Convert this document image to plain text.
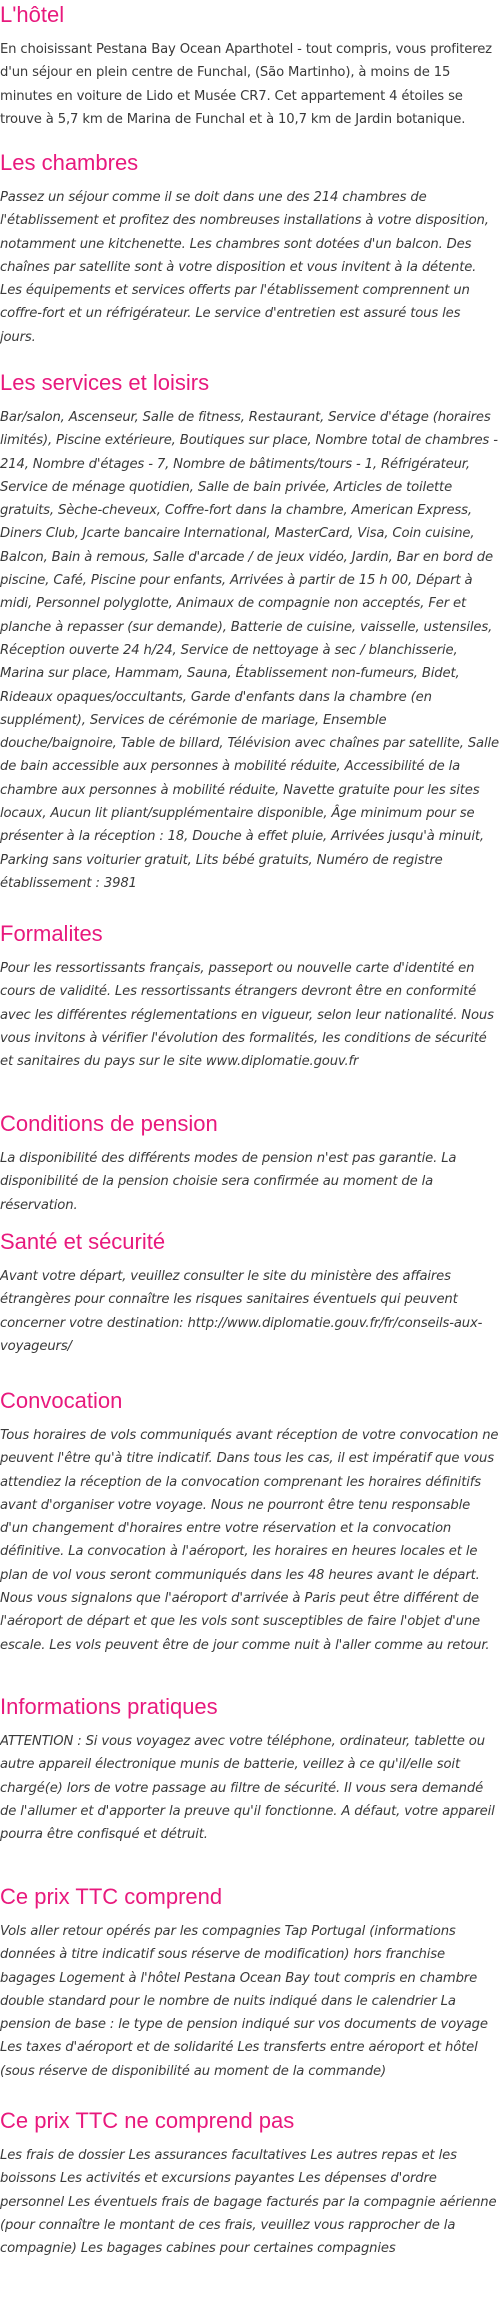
L'hôtel

En choisissant Pestana Bay Ocean Aparthotel - tout compris, vous profiterez d'un séjour en plein centre de Funchal, (São Martinho), à moins de 15 minutes en voiture de Lido et Musée CR7. Cet appartement 4 étoiles se trouve à 5,7 km de Marina de Funchal et à 10,7 km de Jardin botanique.

Les chambres

Passez un séjour comme il se doit dans une des 214 chambres de l'établissement et profitez des nombreuses installations à votre disposition, notamment une kitchenette. Les chambres sont dotées d'un balcon. Des chaînes par satellite sont à votre disposition et vous invitent à la détente. Les équipements et services offerts par l'établissement comprennent un coffre-fort et un réfrigérateur. Le service d'entretien est assuré tous les jours.

Les services et loisirs

Bar/salon, Ascenseur, Salle de fitness, Restaurant, Service d'étage (horaires limités), Piscine extérieure, Boutiques sur place, Nombre total de chambres - 214, Nombre d'étages - 7, Nombre de bâtiments/tours - 1, Réfrigérateur, Service de ménage quotidien, Salle de bain privée, Articles de toilette gratuits, Sèche-cheveux, Coffre-fort dans la chambre, American Express, Diners Club, Jcarte bancaire International, MasterCard, Visa, Coin cuisine, Balcon, Bain à remous, Salle d'arcade / de jeux vidéo, Jardin, Bar en bord de piscine, Café, Piscine pour enfants, Arrivées à partir de 15 h 00, Départ à midi, Personnel polyglotte, Animaux de compagnie non acceptés, Fer et planche à repasser (sur demande), Batterie de cuisine, vaisselle, ustensiles, Réception ouverte 24 h/24, Service de nettoyage à sec / blanchisserie, Marina sur place, Hammam, Sauna, Établissement non-fumeurs, Bidet, Rideaux opaques/occultants, Garde d'enfants dans la chambre (en supplément), Services de cérémonie de mariage, Ensemble douche/baignoire, Table de billard, Télévision avec chaînes par satellite, Salle de bain accessible aux personnes à mobilité réduite, Accessibilité de la chambre aux personnes à mobilité réduite, Navette gratuite pour les sites locaux, Aucun lit pliant/supplémentaire disponible, Âge minimum pour se présenter à la réception : 18, Douche à effet pluie, Arrivées jusqu'à minuit, Parking sans voiturier gratuit, Lits bébé gratuits, Numéro de registre établissement : 3981

Formalites

Pour les ressortissants français, passeport ou nouvelle carte d'identité en cours de validité. Les ressortissants étrangers devront être en conformité avec les différentes réglementations en vigueur, selon leur nationalité. Nous vous invitons à vérifier l'évolution des formalités, les conditions de sécurité et sanitaires du pays sur le site www.diplomatie.gouv.fr

Conditions de pension

La disponibilité des différents modes de pension n'est pas garantie. La disponibilité de la pension choisie sera confirmée au moment de la réservation.

Santé et sécurité

Avant votre départ, veuillez consulter le site du ministère des affaires étrangères pour connaître les risques sanitaires éventuels qui peuvent concerner votre destination: http://www.diplomatie.gouv.fr/fr/conseils-aux-voyageurs/

Convocation

Tous horaires de vols communiqués avant réception de votre convocation ne peuvent l'être qu'à titre indicatif. Dans tous les cas, il est impératif que vous attendiez la réception de la convocation comprenant les horaires définitifs avant d'organiser votre voyage. Nous ne pourront être tenu responsable d'un changement d'horaires entre votre réservation et la convocation définitive. La convocation à l'aéroport, les horaires en heures locales et le plan de vol vous seront communiqués dans les 48 heures avant le départ. Nous vous signalons que l'aéroport d'arrivée à Paris peut être différent de l'aéroport de départ et que les vols sont susceptibles de faire l'objet d'une escale. Les vols peuvent être de jour comme nuit à l'aller comme au retour.

Informations pratiques

ATTENTION : Si vous voyagez avec votre téléphone, ordinateur, tablette ou autre appareil électronique munis de batterie, veillez à ce qu'il/elle soit chargé(e) lors de votre passage au filtre de sécurité. Il vous sera demandé de l'allumer et d'apporter la preuve qu'il fonctionne. A défaut, votre appareil pourra être confisqué et détruit.

Ce prix TTC comprend

Vols aller retour opérés par les compagnies Tap Portugal (informations données à titre indicatif sous réserve de modification) hors franchise bagages Logement à l'hôtel Pestana Ocean Bay tout compris en chambre double standard pour le nombre de nuits indiqué dans le calendrier La pension de base : le type de pension indiqué sur vos documents de voyage Les taxes d'aéroport et de solidarité Les transferts entre aéroport et hôtel (sous réserve de disponibilité au moment de la commande)

Ce prix TTC ne comprend pas

Les frais de dossier Les assurances facultatives Les autres repas et les boissons Les activités et excursions payantes Les dépenses d'ordre personnel Les éventuels frais de bagage facturés par la compagnie aérienne (pour connaître le montant de ces frais, veuillez vous rapprocher de la compagnie) Les bagages cabines pour certaines compagnies
